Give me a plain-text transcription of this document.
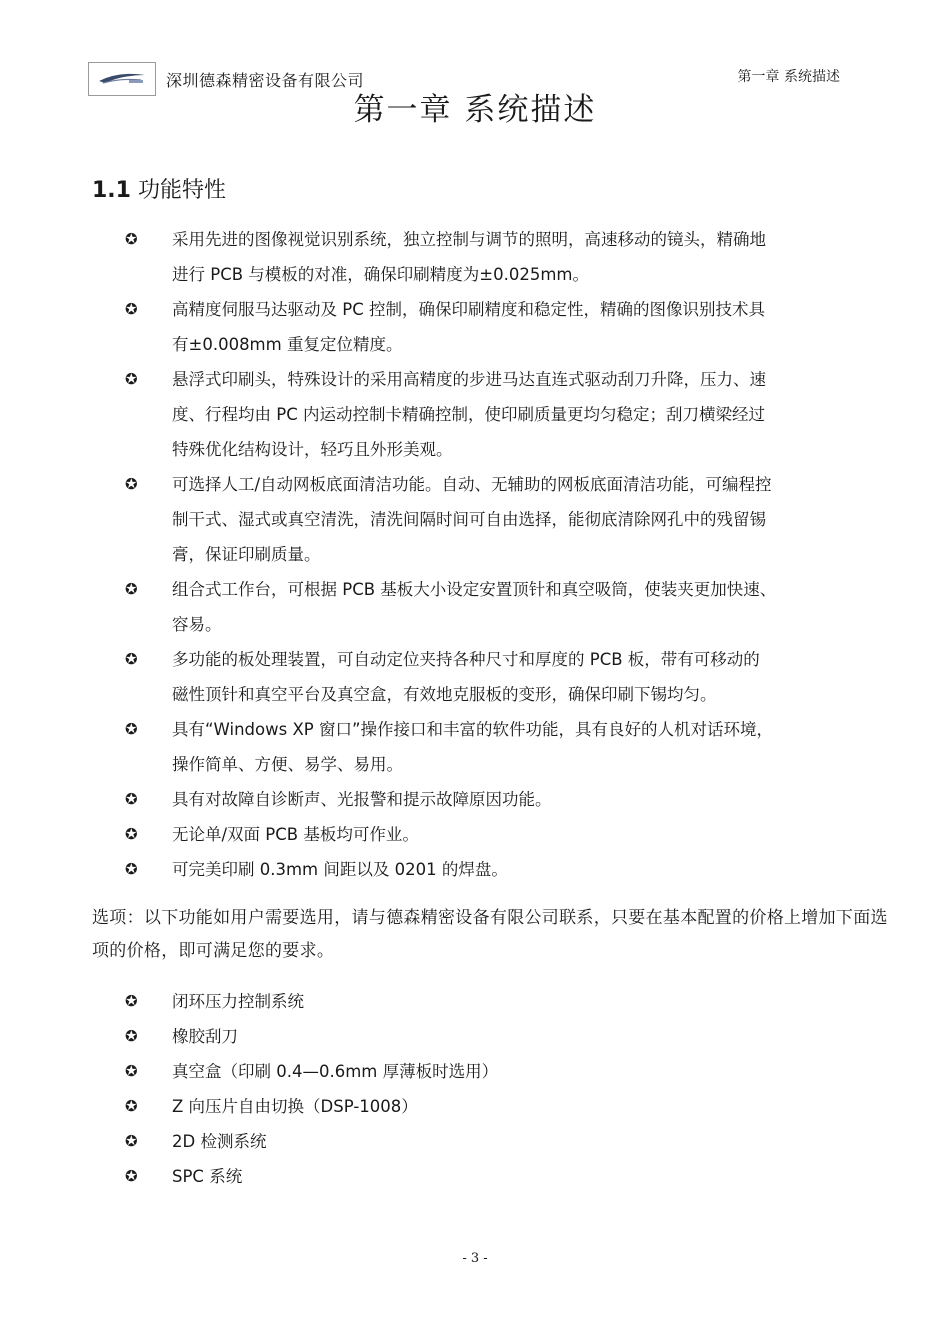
深圳德森精密设备有限公司	第一章 系统描述
第一章 系统描述
1.1 功能特性
✪ 采用先进的图像视觉识别系统，独立控制与调节的照明，高速移动的镜头，精确地
进行 PCB 与模板的对准，确保印刷精度为±0.025mm。
✪ 高精度伺服马达驱动及 PC 控制，确保印刷精度和稳定性，精确的图像识别技术具
有±0.008mm 重复定位精度。
✪ 悬浮式印刷头，特殊设计的采用高精度的步进马达直连式驱动刮刀升降，压力、速
度、行程均由 PC 内运动控制卡精确控制，使印刷质量更均匀稳定；刮刀横梁经过
特殊优化结构设计，轻巧且外形美观。
✪ 可选择人工/自动网板底面清洁功能。自动、无辅助的网板底面清洁功能，可编程控
制干式、湿式或真空清洗，清洗间隔时间可自由选择，能彻底清除网孔中的残留锡
膏，保证印刷质量。
✪ 组合式工作台，可根据 PCB 基板大小设定安置顶针和真空吸筒，使装夹更加快速、
容易。
✪ 多功能的板处理装置，可自动定位夹持各种尺寸和厚度的 PCB 板，带有可移动的
磁性顶针和真空平台及真空盒，有效地克服板的变形，确保印刷下锡均匀。
✪ 具有“Windows XP 窗口”操作接口和丰富的软件功能，具有良好的人机对话环境，
操作简单、方便、易学、易用。
✪ 具有对故障自诊断声、光报警和提示故障原因功能。
✪ 无论单/双面 PCB 基板均可作业。
✪ 可完美印刷 0.3mm 间距以及 0201 的焊盘。
选项：以下功能如用户需要选用，请与德森精密设备有限公司联系，只要在基本配置的价格上增加下面选项的价格，即可满足您的要求。
✪ 闭环压力控制系统
✪ 橡胶刮刀
✪ 真空盒（印刷 0.4—0.6mm 厚薄板时选用）
✪ Z 向压片自由切换（DSP-1008）
✪ 2D 检测系统
✪ SPC 系统
- 3 -
